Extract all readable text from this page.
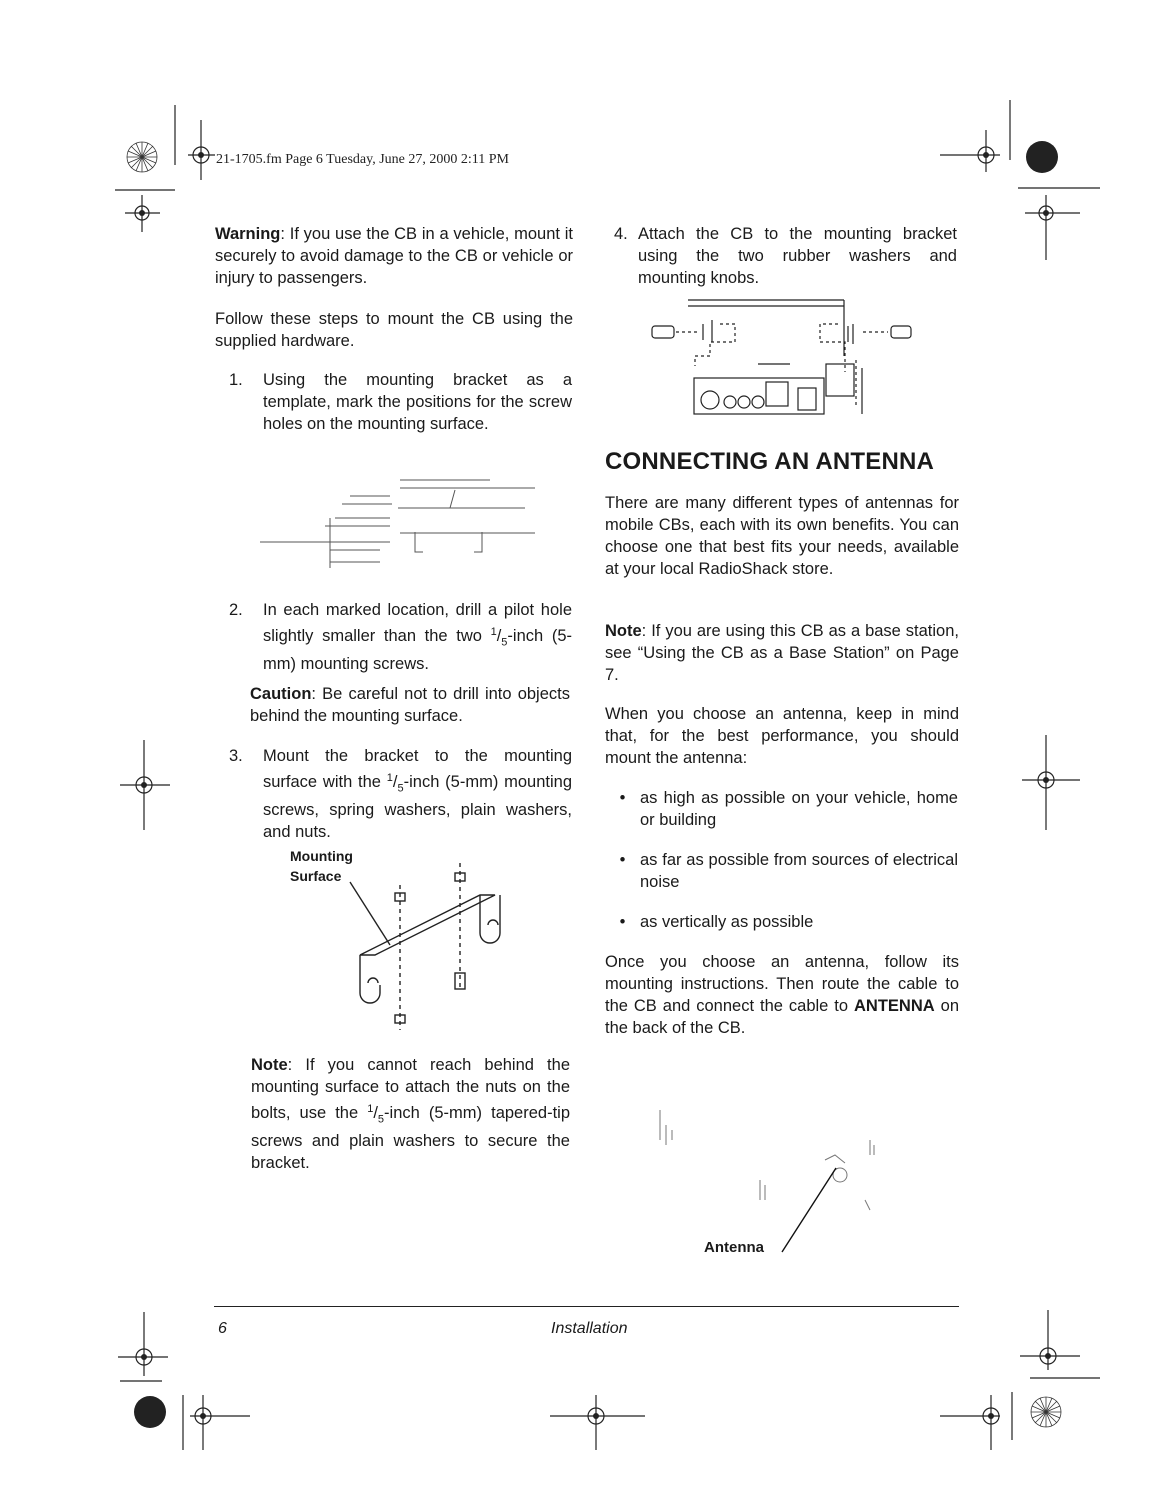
21-1705.fm Page 6 Tuesday, June 27, 2000 2:11 PM

Warning: If you use the CB in a vehicle, mount it securely to avoid damage to the CB or vehicle or injury to passengers.

Follow these steps to mount the CB using the supplied hardware.
1.	Using the mounting bracket as a template, mark the positions for the screw holes on the mounting surface.
2.	In each marked location, drill a pilot hole slightly smaller than the two $^1/_5$-inch (5-mm) mounting screws.

Caution: Be careful not to drill into objects behind the mounting surface.

3.	Mount the bracket to the mounting surface with the $^1/_5$-inch (5-mm) mounting screws, spring washers, plain washers, and nuts.
Mounting
Surface

Note: If you cannot reach behind the mounting surface to attach the nuts on the bolts, use the $^1/_5$-inch (5-mm) tapered-tip screws and plain washers to secure the bracket.

4. Attach the CB to the mounting bracket using the two rubber washers and mounting knobs.
CONNECTING AN ANTENNA
There are many different types of antennas for mobile CBs, each with its own benefits. You can choose one that best fits your needs, available at your local RadioShack store.

Note: If you are using this CB as a base station, see “Using the CB as a Base Station” on Page 7.

When you choose an antenna, keep in mind that, for the best performance, you should mount the antenna:
• as high as possible on your vehicle, home or building
• as far as possible from sources of electrical noise
• as vertically as possible

Once you choose an antenna, follow its mounting instructions. Then route the cable to the CB and connect the cable to ANTENNA on the back of the CB.

Antenna
6	Installation
